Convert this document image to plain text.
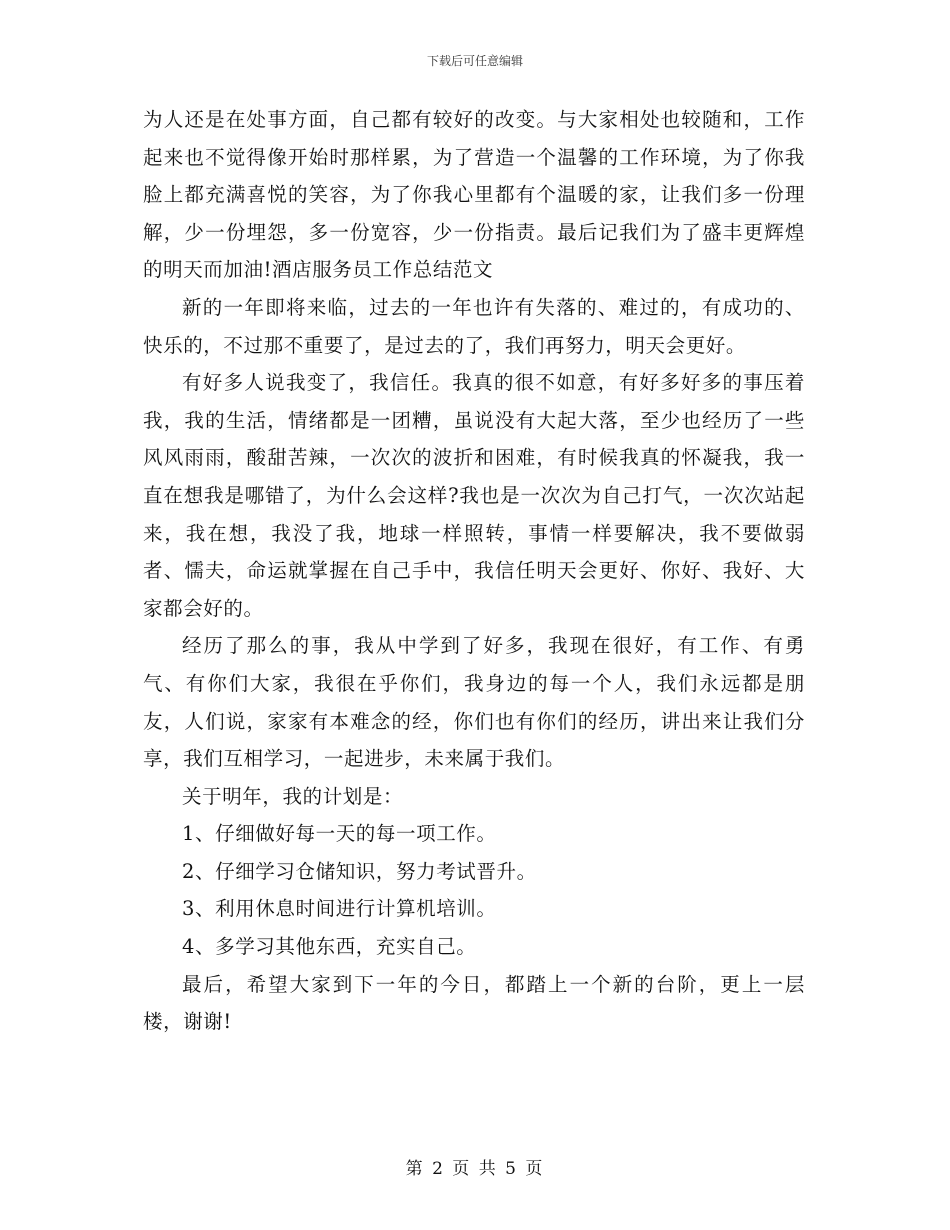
下载后可任意编辑

为人还是在处事方面，自己都有较好的改变。与大家相处也较随和，工作起来也不觉得像开始时那样累，为了营造一个温馨的工作环境，为了你我脸上都充满喜悦的笑容，为了你我心里都有个温暖的家，让我们多一份理解，少一份埋怨，多一份宽容，少一份指责。最后记我们为了盛丰更辉煌的明天而加油!酒店服务员工作总结范文

新的一年即将来临，过去的一年也许有失落的、难过的，有成功的、快乐的，不过那不重要了，是过去的了，我们再努力，明天会更好。

有好多人说我变了，我信任。我真的很不如意，有好多好多的事压着我，我的生活，情绪都是一团糟，虽说没有大起大落，至少也经历了一些风风雨雨，酸甜苦辣，一次次的波折和困难，有时候我真的怀凝我，我一直在想我是哪错了，为什么会这样?我也是一次次为自己打气，一次次站起来，我在想，我没了我，地球一样照转，事情一样要解决，我不要做弱者、懦夫，命运就掌握在自己手中，我信任明天会更好、你好、我好、大家都会好的。

经历了那么的事，我从中学到了好多，我现在很好，有工作、有勇气、有你们大家，我很在乎你们，我身边的每一个人，我们永远都是朋友，人们说，家家有本难念的经，你们也有你们的经历，讲出来让我们分享，我们互相学习，一起进步，未来属于我们。

关于明年，我的计划是：

1、仔细做好每一天的每一项工作。

2、仔细学习仓储知识，努力考试晋升。

3、利用休息时间进行计算机培训。

4、多学习其他东西，充实自己。

最后，希望大家到下一年的今日，都踏上一个新的台阶，更上一层楼，谢谢!

第 2 页 共 5 页
